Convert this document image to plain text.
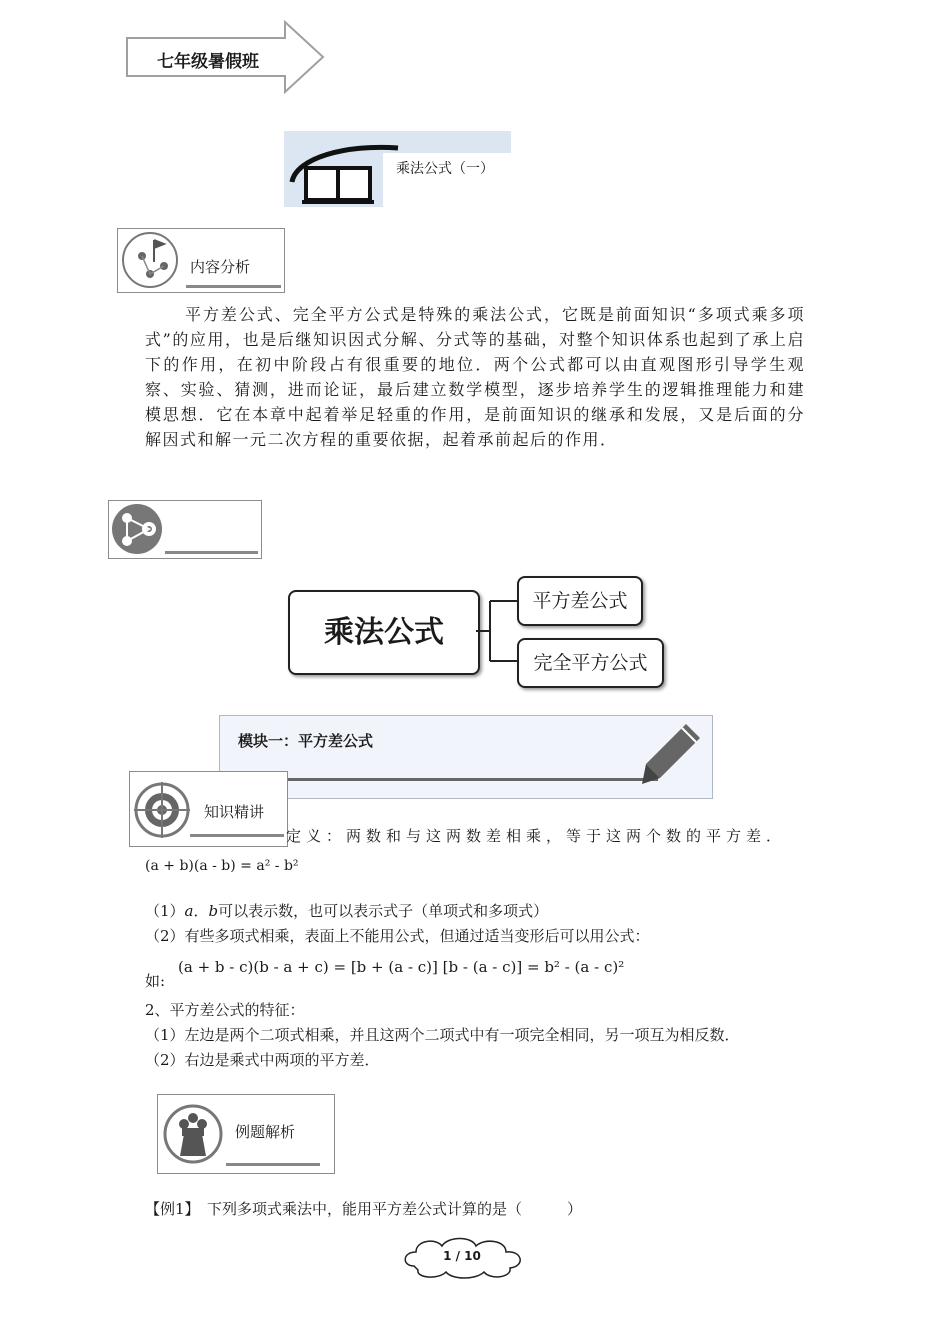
七年级暑假班
乘法公式（一）
内容分析
平方差公式、完全平方公式是特殊的乘法公式，它既是前面知识“多项式乘多项式”的应用，也是后继知识因式分解、分式等的基础，对整个知识体系也起到了承上启下的作用，在初中阶段占有很重要的地位．两个公式都可以由直观图形引导学生观察、实验、猜测，进而论证，最后建立数学模型，逐步培养学生的逻辑推理能力和建模思想．它在本章中起着举足轻重的作用，是前面知识的继承和发展，又是后面的分解因式和解一元二次方程的重要依据，起着承前起后的作用．
乘法公式
平方差公式
完全平方公式
模块一：平方差公式
知识精讲
定义：两数和与这两数差相乘，等于这两个数的平方差．
(a + b)(a - b) = a² - b²
（1）a．b可以表示数，也可以表示式子（单项式和多项式）
（2）有些多项式相乘，表面上不能用公式，但通过适当变形后可以用公式：
如:
(a + b - c)(b - a + c) = [b + (a - c)] [b - (a - c)] = b² - (a - c)²
2、平方差公式的特征：
（1）左边是两个二项式相乘，并且这两个二项式中有一项完全相同，另一项互为相反数．
（2）右边是乘式中两项的平方差．
例题解析
【例1】　下列多项式乘法中，能用平方差公式计算的是（　　　）
1 / 10
